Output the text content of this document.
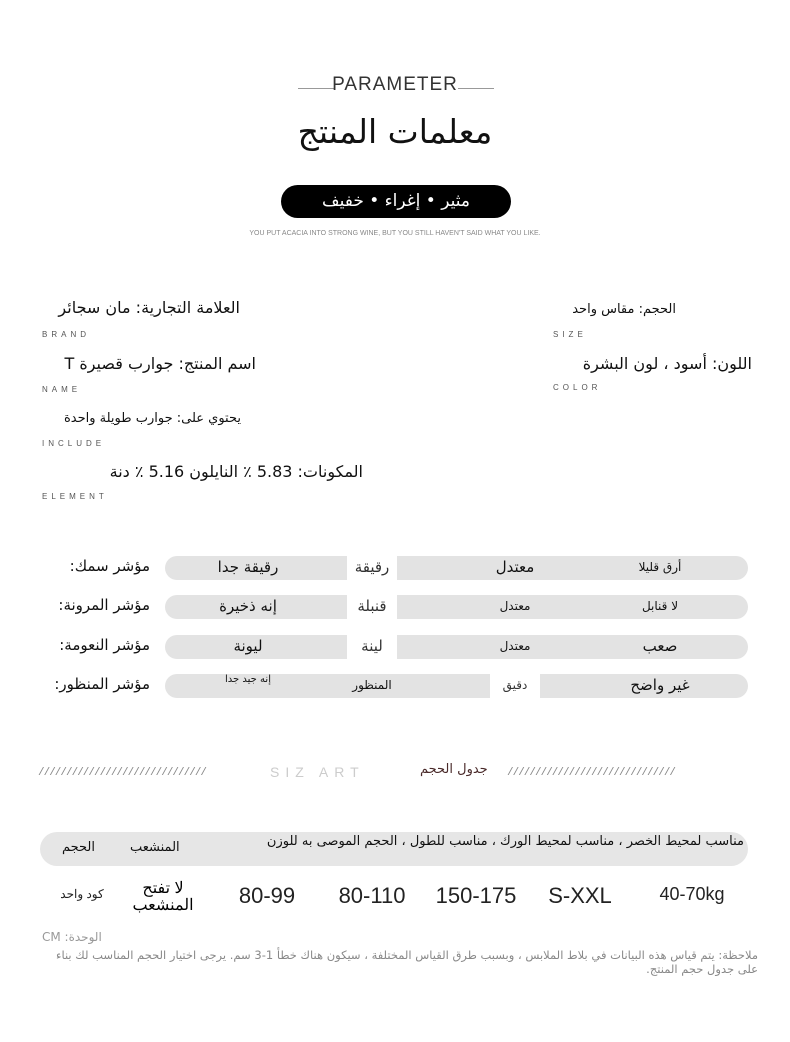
PARAMETER
معلمات المنتج
مثير • إغراء • خفيف
YOU PUT ACACIA INTO STRONG WINE, BUT YOU STILL HAVEN'T SAID WHAT YOU LIKE.
العلامة التجارية: مان سجائر
BRAND
اسم المنتج: جوارب قصيرة T
NAME
يحتوي على: جوارب طويلة واحدة
INCLUDE
المكونات: 5.83 ٪ النايلون 5.16 ٪ دنة
ELEMENT
الحجم: مقاس واحد
SIZE
اللون: أسود ، لون البشرة
COLOR
مؤشر سمك:	رقيقة جدا	رقيقة	معتدل	أرق قليلا
مؤشر المرونة:	إنه ذخيرة	قنبلة	معتدل	لا قنابل
مؤشر النعومة:	ليونة	لينة	معتدل	صعب
مؤشر المنظور:	إنه جيد جدا	المنظور	دقيق	غير واضح
//////////////////////////////	//////////////////////////////
SIZ ART	جدول الحجم
الحجم	المنشعب	مناسب لمحيط الخصر ، مناسب لمحيط الورك ، مناسب للطول ، الحجم الموصى به للوزن
كود واحد	لا تفتح المنشعب	80-99	80-110	150-175	S-XXL	40-70kg
الوحدة: CM
ملاحظة: يتم قياس هذه البيانات في بلاط الملابس ، وبسبب طرق القياس المختلفة ، سيكون هناك خطأ 1-3 سم. يرجى اختيار الحجم المناسب لك بناء على جدول حجم المنتج.
